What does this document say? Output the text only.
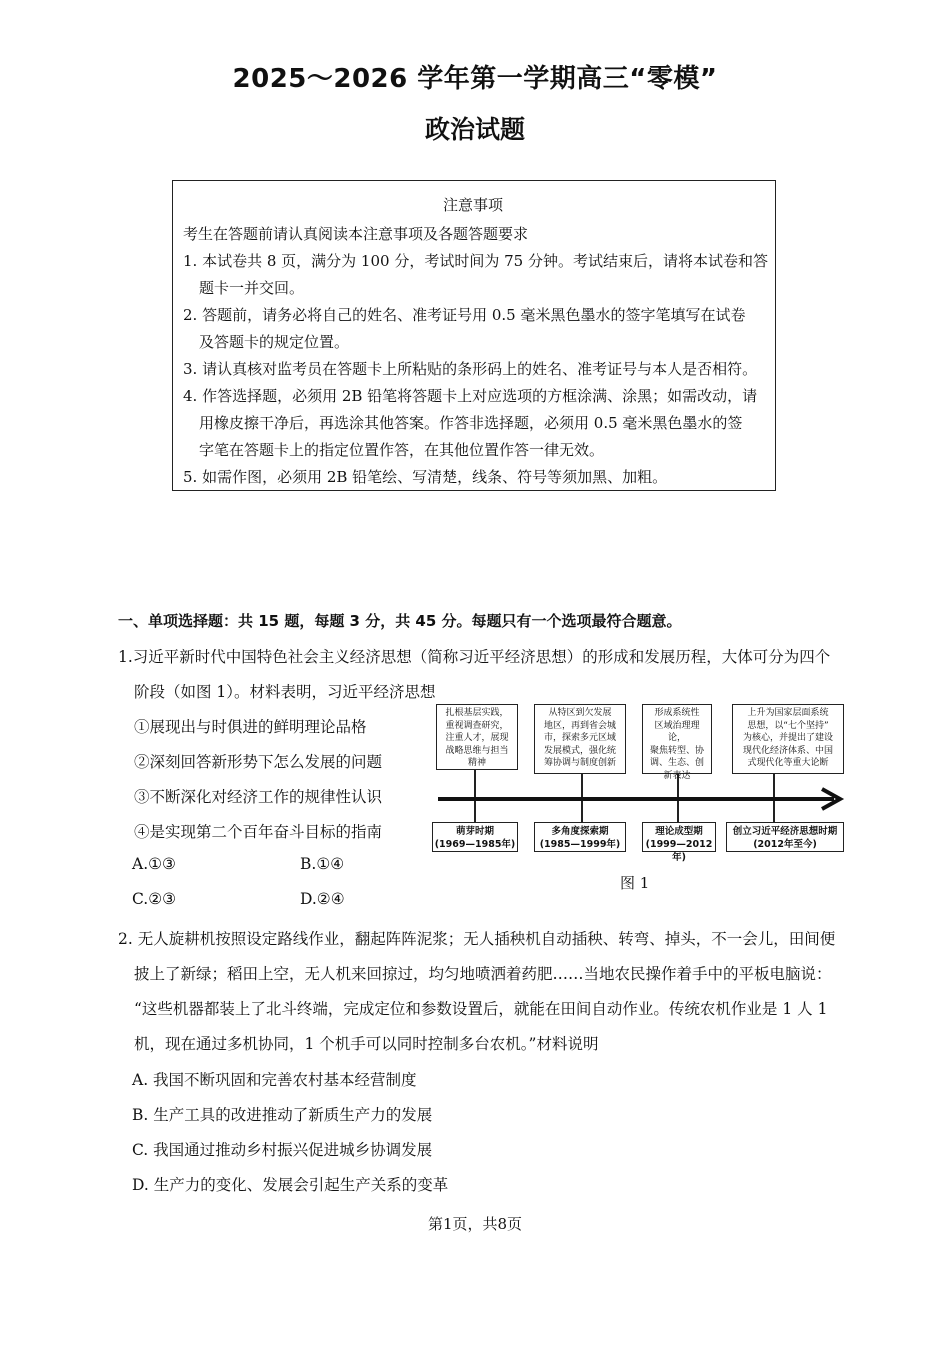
2025～2026 学年第一学期高三“零模”
政治试题
注意事项
考生在答题前请认真阅读本注意事项及各题答题要求
1. 本试卷共 8 页，满分为 100 分，考试时间为 75 分钟。考试结束后，请将本试卷和答
题卡一并交回。
2. 答题前，请务必将自己的姓名、准考证号用 0.5 毫米黑色墨水的签字笔填写在试卷
及答题卡的规定位置。
3. 请认真核对监考员在答题卡上所粘贴的条形码上的姓名、准考证号与本人是否相符。
4. 作答选择题，必须用 2B 铅笔将答题卡上对应选项的方框涂满、涂黑；如需改动，请
用橡皮擦干净后，再选涂其他答案。作答非选择题，必须用 0.5 毫米黑色墨水的签
字笔在答题卡上的指定位置作答，在其他位置作答一律无效。
5. 如需作图，必须用 2B 铅笔绘、写清楚，线条、符号等须加黑、加粗。
一、单项选择题：共 15 题，每题 3 分，共 45 分。每题只有一个选项最符合题意。
1.习近平新时代中国特色社会主义经济思想（简称习近平经济思想）的形成和发展历程，大体可分为四个
阶段（如图 1）。材料表明，习近平经济思想
①展现出与时俱进的鲜明理论品格
②深刻回答新形势下怎么发展的问题
③不断深化对经济工作的规律性认识
④是实现第二个百年奋斗目标的指南
A.①③	B.①④
C.②③	D.②④
扎根基层实践，
重视调查研究，
注重人才，展现
战略思维与担当
精神
从特区到欠发展
地区，再到省会城
市，探索多元区域
发展模式，强化统
筹协调与制度创新
形成系统性
区域治理理论，
聚焦转型、协
调、生态、创
新表达
上升为国家层面系统
思想，以“七个坚持”
为核心，并提出了建设
现代化经济体系、中国
式现代化等重大论断
萌芽时期
(1969—1985年)
多角度探索期
(1985—1999年)
理论成型期
(1999—2012年)
创立习近平经济思想时期
(2012年至今)
图 1
2. 无人旋耕机按照设定路线作业，翻起阵阵泥浆；无人插秧机自动插秧、转弯、掉头，不一会儿，田间便
披上了新绿；稻田上空，无人机来回掠过，均匀地喷洒着药肥……当地农民操作着手中的平板电脑说：
“这些机器都装上了北斗终端，完成定位和参数设置后，就能在田间自动作业。传统农机作业是 1 人 1
机，现在通过多机协同，1 个机手可以同时控制多台农机。”材料说明
A. 我国不断巩固和完善农村基本经营制度
B. 生产工具的改进推动了新质生产力的发展
C. 我国通过推动乡村振兴促进城乡协调发展
D. 生产力的变化、发展会引起生产关系的变革
第1页，共8页
